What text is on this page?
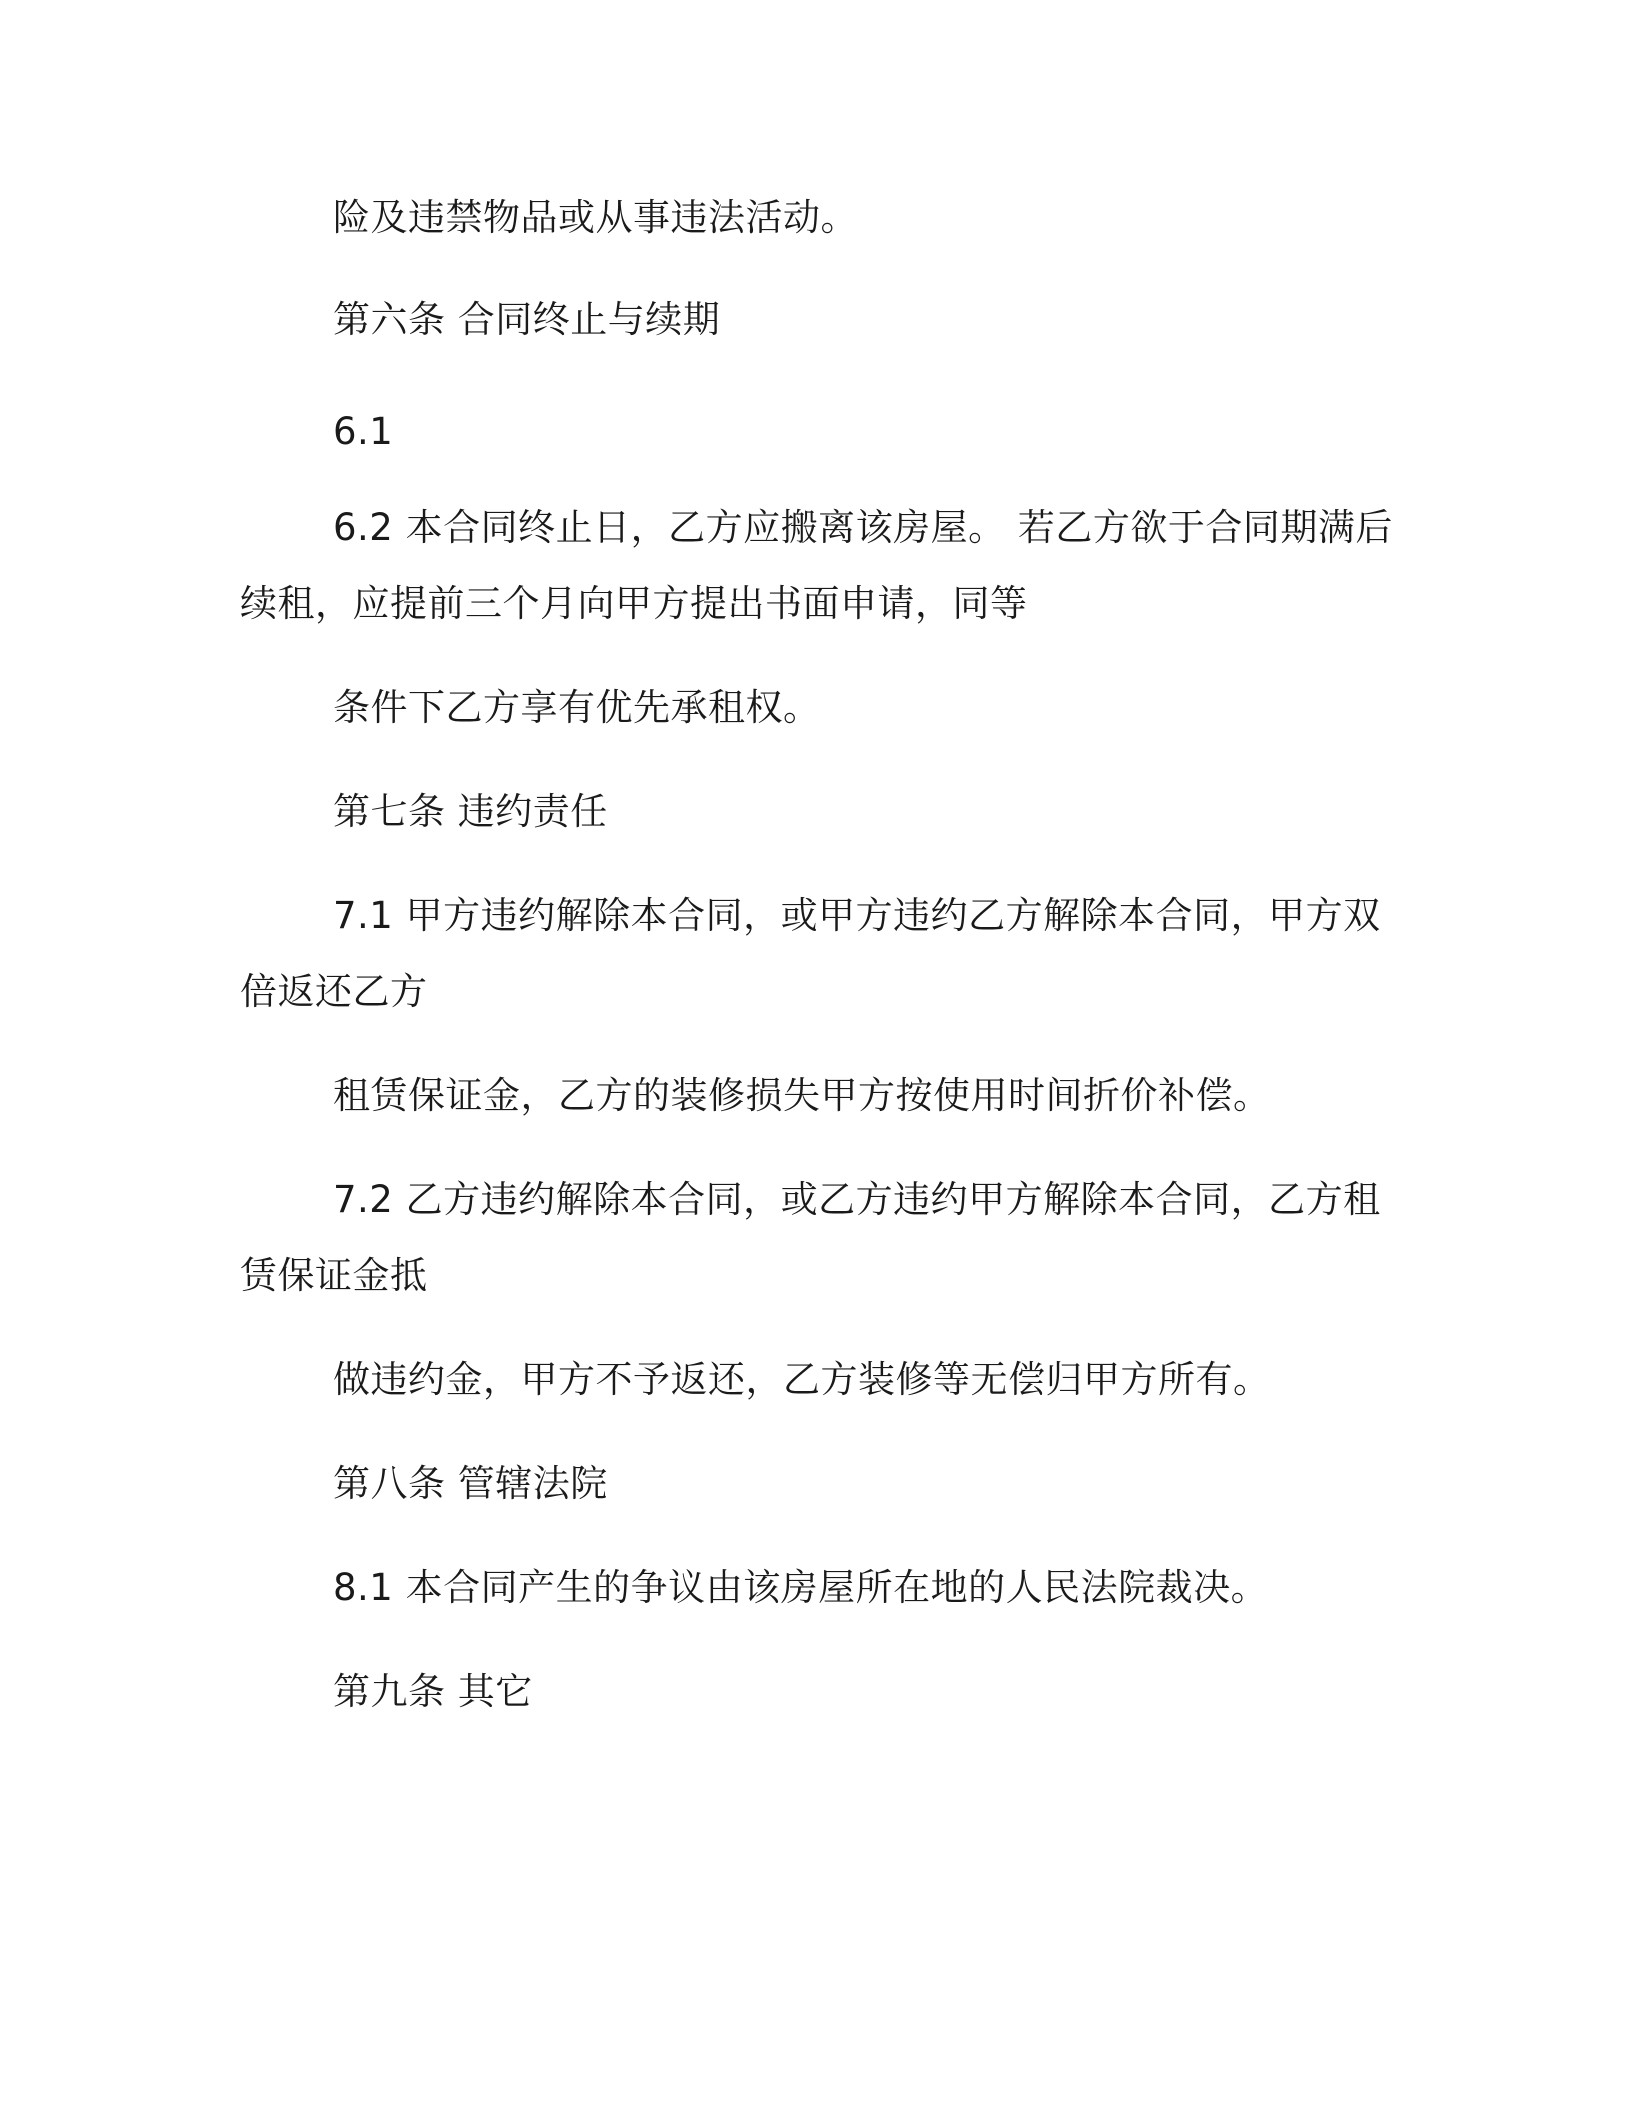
险及违禁物品或从事违法活动。
第六条 合同终止与续期
6.1
6.2 本合同终止日，乙方应搬离该房屋。 若乙方欲于合同期满后
续租，应提前三个月向甲方提出书面申请，同等
条件下乙方享有优先承租权。
第七条 违约责任
7.1 甲方违约解除本合同，或甲方违约乙方解除本合同，甲方双
倍返还乙方
租赁保证金，乙方的装修损失甲方按使用时间折价补偿。
7.2 乙方违约解除本合同，或乙方违约甲方解除本合同，乙方租
赁保证金抵
做违约金，甲方不予返还，乙方装修等无偿归甲方所有。
第八条 管辖法院
8.1 本合同产生的争议由该房屋所在地的人民法院裁决。
第九条 其它
